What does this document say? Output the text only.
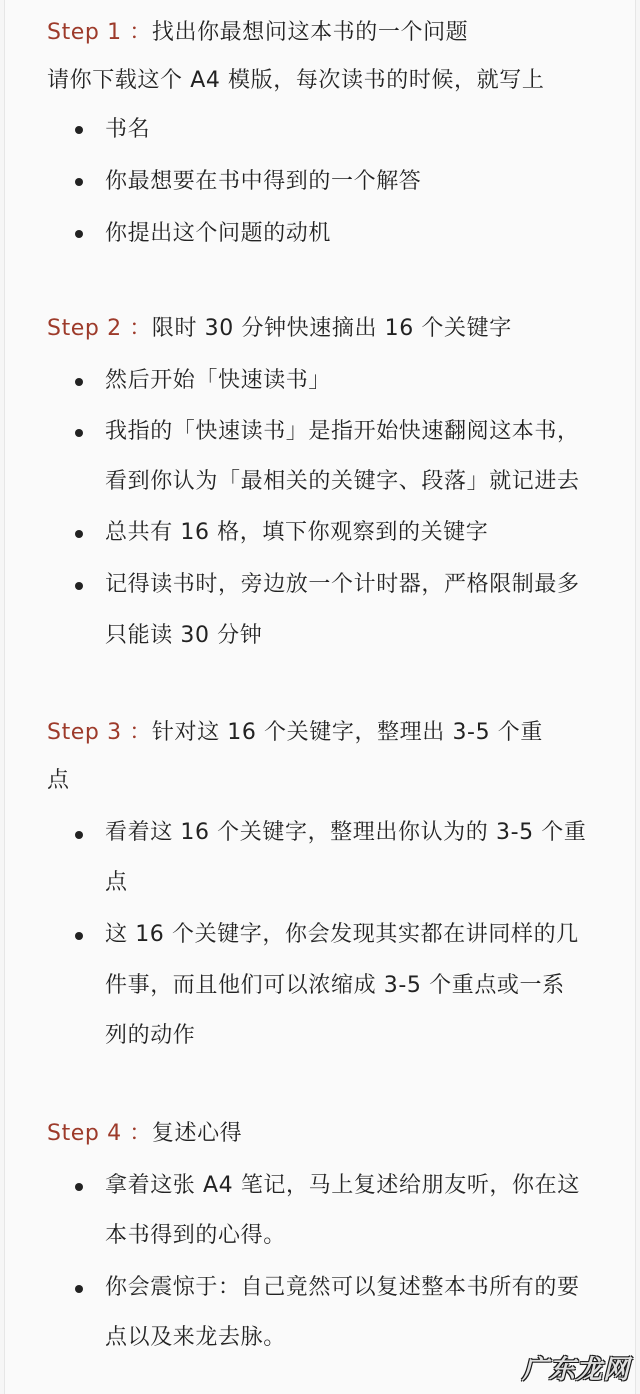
Step 1 ：找出你最想问这本书的一个问题
请你下载这个 A4 模版，每次读书的时候，就写上
书名
你最想要在书中得到的一个解答
你提出这个问题的动机
Step 2 ：限时 30 分钟快速摘出 16 个关键字
然后开始「快速读书」
我指的「快速读书」是指开始快速翻阅这本书，
看到你认为「最相关的关键字、段落」就记进去
总共有 16 格，填下你观察到的关键字
记得读书时，旁边放一个计时器，严格限制最多
只能读 30 分钟
Step 3 ：针对这 16 个关键字，整理出 3-5 个重
点
看着这 16 个关键字，整理出你认为的 3-5 个重
点
这 16 个关键字，你会发现其实都在讲同样的几
件事，而且他们可以浓缩成 3-5 个重点或一系
列的动作
Step 4 ：复述心得
拿着这张 A4 笔记，马上复述给朋友听，你在这
本书得到的心得。
你会震惊于：自己竟然可以复述整本书所有的要
点以及来龙去脉。
广东龙网
